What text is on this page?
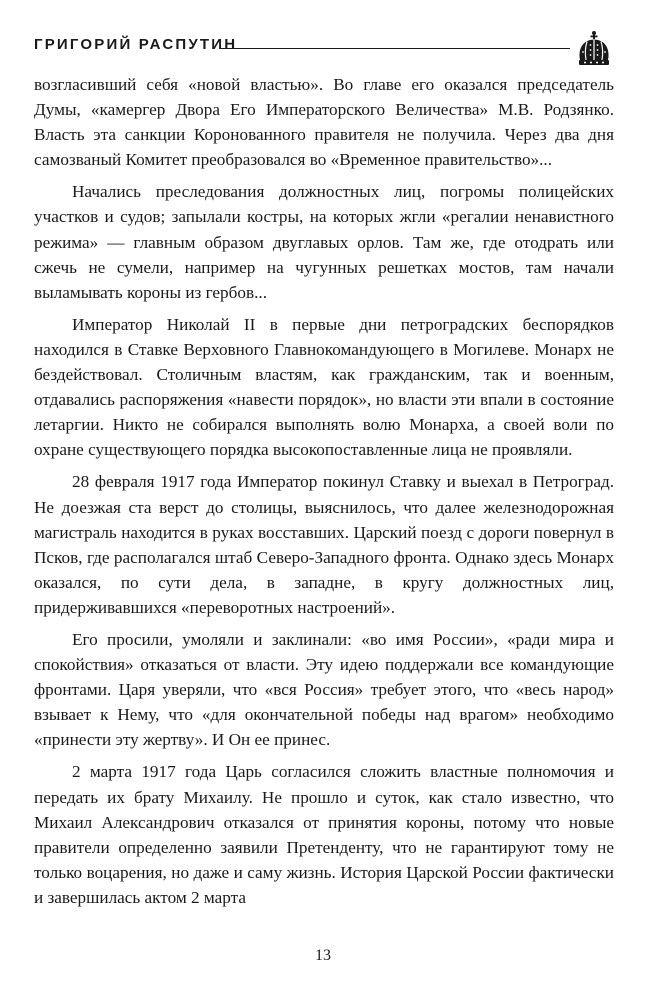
ГРИГОРИЙ РАСПУТИН

возгласивший себя «новой властью». Во главе его оказался председатель Думы, «камергер Двора Его Императорского Величества» М.В. Родзянко. Власть эта санкции Коронованного правителя не получила. Через два дня самозваный Комитет преобразовался во «Временное правительство»...

Начались преследования должностных лиц, погромы полицейских участков и судов; запылали костры, на которых жгли «регалии ненавистного режима» — главным образом двуглавых орлов. Там же, где отодрать или сжечь не сумели, например на чугунных решетках мостов, там начали выламывать короны из гербов...

Император Николай II в первые дни петроградских беспорядков находился в Ставке Верховного Главнокомандующего в Могилеве. Монарх не бездействовал. Столичным властям, как гражданским, так и военным, отдавались распоряжения «навести порядок», но власти эти впали в состояние летаргии. Никто не собирался выполнять волю Монарха, а своей воли по охране существующего порядка высокопоставленные лица не проявляли.

28 февраля 1917 года Император покинул Ставку и выехал в Петроград. Не доезжая ста верст до столицы, выяснилось, что далее железнодорожная магистраль находится в руках восставших. Царский поезд с дороги повернул в Псков, где располагался штаб Северо-Западного фронта. Однако здесь Монарх оказался, по сути дела, в западне, в кругу должностных лиц, придерживавшихся «переворотных настроений».

Его просили, умоляли и заклинали: «во имя России», «ради мира и спокойствия» отказаться от власти. Эту идею поддержали все командующие фронтами. Царя уверяли, что «вся Россия» требует этого, что «весь народ» взывает к Нему, что «для окончательной победы над врагом» необходимо «принести эту жертву». И Он ее принес.

2 марта 1917 года Царь согласился сложить властные полномочия и передать их брату Михаилу. Не прошло и суток, как стало известно, что Михаил Александрович отказался от принятия короны, потому что новые правители определенно заявили Претенденту, что не гарантируют тому не только воцарения, но даже и саму жизнь. История Царской России фактически и завершилась актом 2 марта

13
